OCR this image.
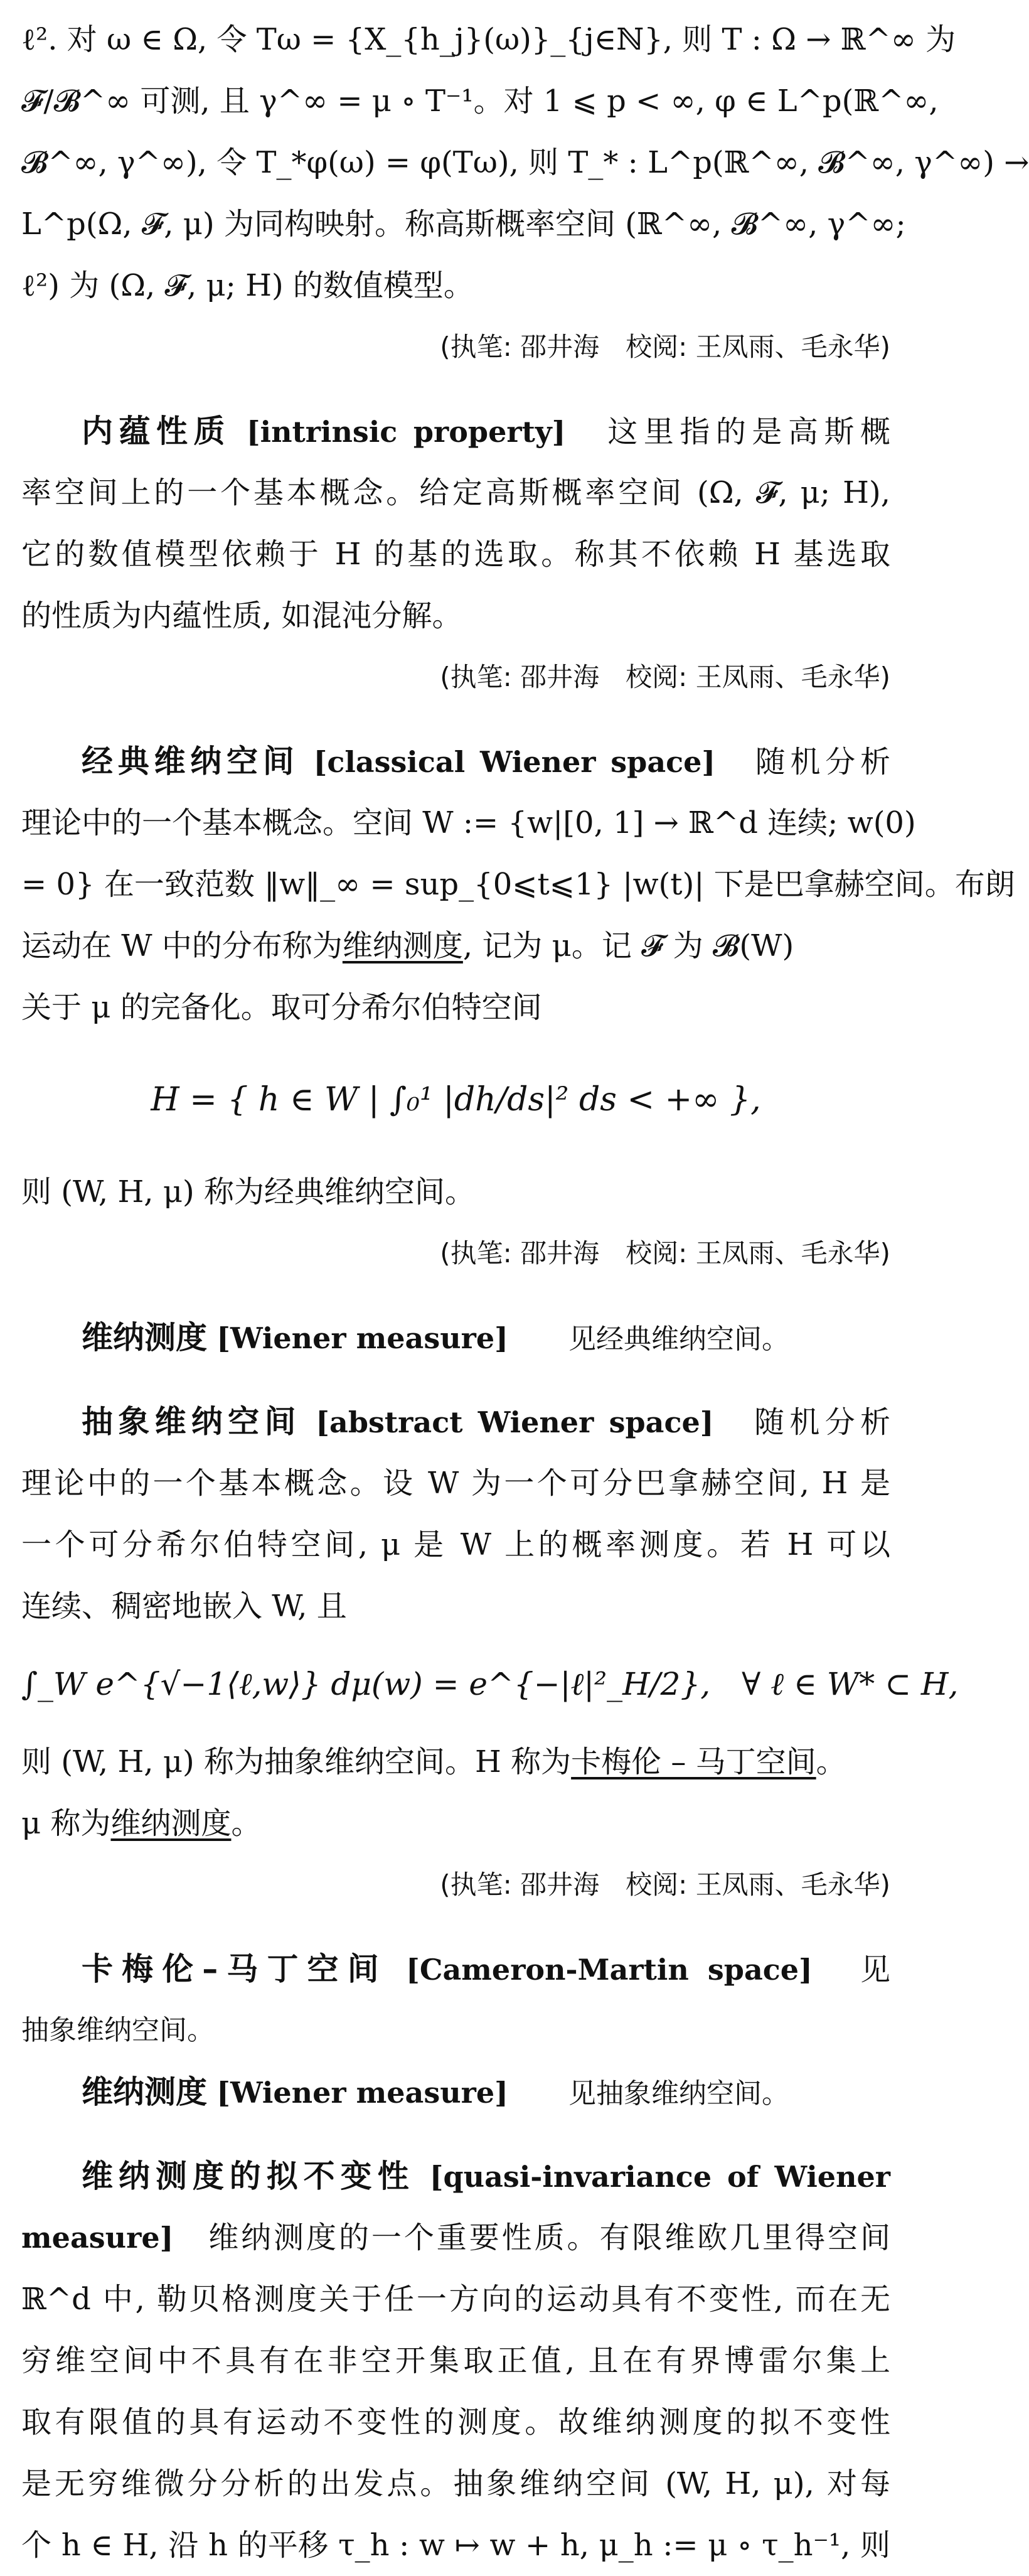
ℓ². 对 ω ∈ Ω, 令 Tω = {X_{h_j}(ω)}_{j∈ℕ}, 则 T : Ω → ℝ^∞ 为
𝓕/𝓑^∞ 可测, 且 γ^∞ = μ ∘ T⁻¹。对 1 ⩽ p < ∞, φ ∈ L^p(ℝ^∞,
𝓑^∞, γ^∞), 令 T_*φ(ω) = φ(Tω), 则 T_* : L^p(ℝ^∞, 𝓑^∞, γ^∞) →
L^p(Ω, 𝓕, μ) 为同构映射。称高斯概率空间 (ℝ^∞, 𝓑^∞, γ^∞;
ℓ²) 为 (Ω, 𝓕, μ; H) 的数值模型。
(执笔: 邵井海　校阅: 王凤雨、毛永华)
内蕴性质 [intrinsic property]　 这里指的是高斯概
率空间上的一个基本概念。给定高斯概率空间 (Ω, 𝓕, μ; H),
它的数值模型依赖于 H 的基的选取。称其不依赖 H 基选取
的性质为内蕴性质, 如混沌分解。
(执笔: 邵井海　校阅: 王凤雨、毛永华)
经典维纳空间 [classical Wiener space]　 随机分析
理论中的一个基本概念。空间 W := {w|[0, 1] → ℝ^d 连续; w(0)
= 0} 在一致范数 ‖w‖_∞ = sup_{0⩽t⩽1} |w(t)| 下是巴拿赫空间。布朗
运动在 W 中的分布称为维纳测度, 记为 μ。记 𝓕 为 𝓑(W)
关于 μ 的完备化。取可分希尔伯特空间
H = { h ∈ W | ∫₀¹ |dh/ds|² ds < +∞ },
则 (W, H, μ) 称为经典维纳空间。
(执笔: 邵井海　校阅: 王凤雨、毛永华)
维纳测度 [Wiener measure]　　 见经典维纳空间。
抽象维纳空间 [abstract Wiener space]　 随机分析
理论中的一个基本概念。设 W 为一个可分巴拿赫空间, H 是
一个可分希尔伯特空间, μ 是 W 上的概率测度。若 H 可以
连续、稠密地嵌入 W, 且
∫_W e^{√−1⟨ℓ,w⟩} dμ(w) = e^{−|ℓ|²_H/2},　∀ ℓ ∈ W* ⊂ H,
则 (W, H, μ) 称为抽象维纳空间。H 称为卡梅伦 – 马丁空间。
μ 称为维纳测度。
(执笔: 邵井海　校阅: 王凤雨、毛永华)
卡梅伦–马丁空间 [Cameron-Martin space]　 见
抽象维纳空间。
维纳测度 [Wiener measure]　　 见抽象维纳空间。
维纳测度的拟不变性 [quasi-invariance of Wiener
measure]　 维纳测度的一个重要性质。有限维欧几里得空间
ℝ^d 中, 勒贝格测度关于任一方向的运动具有不变性, 而在无
穷维空间中不具有在非空开集取正值, 且在有界博雷尔集上
取有限值的具有运动不变性的测度。故维纳测度的拟不变性
是无穷维微分分析的出发点。抽象维纳空间 (W, H, μ), 对每
个 h ∈ H, 沿 h 的平移 τ_h : w ↦ w + h, μ_h := μ ∘ τ_h⁻¹, 则
